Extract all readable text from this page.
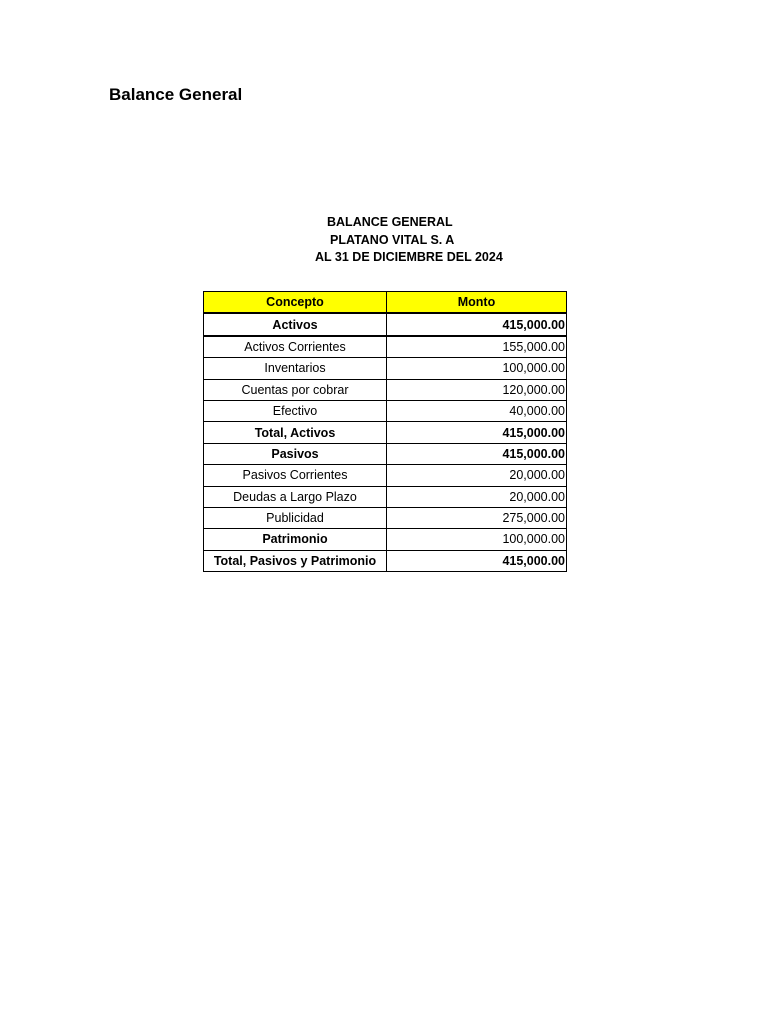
Balance General
BALANCE GENERAL
PLATANO VITAL S. A
AL 31 DE DICIEMBRE DEL 2024
Concepto	Monto
Activos	415,000.00
Activos Corrientes	155,000.00
Inventarios	100,000.00
Cuentas por cobrar	120,000.00
Efectivo	40,000.00
Total, Activos	415,000.00
Pasivos	415,000.00
Pasivos Corrientes	20,000.00
Deudas a Largo Plazo	20,000.00
Publicidad	275,000.00
Patrimonio	100,000.00
Total, Pasivos y Patrimonio	415,000.00
